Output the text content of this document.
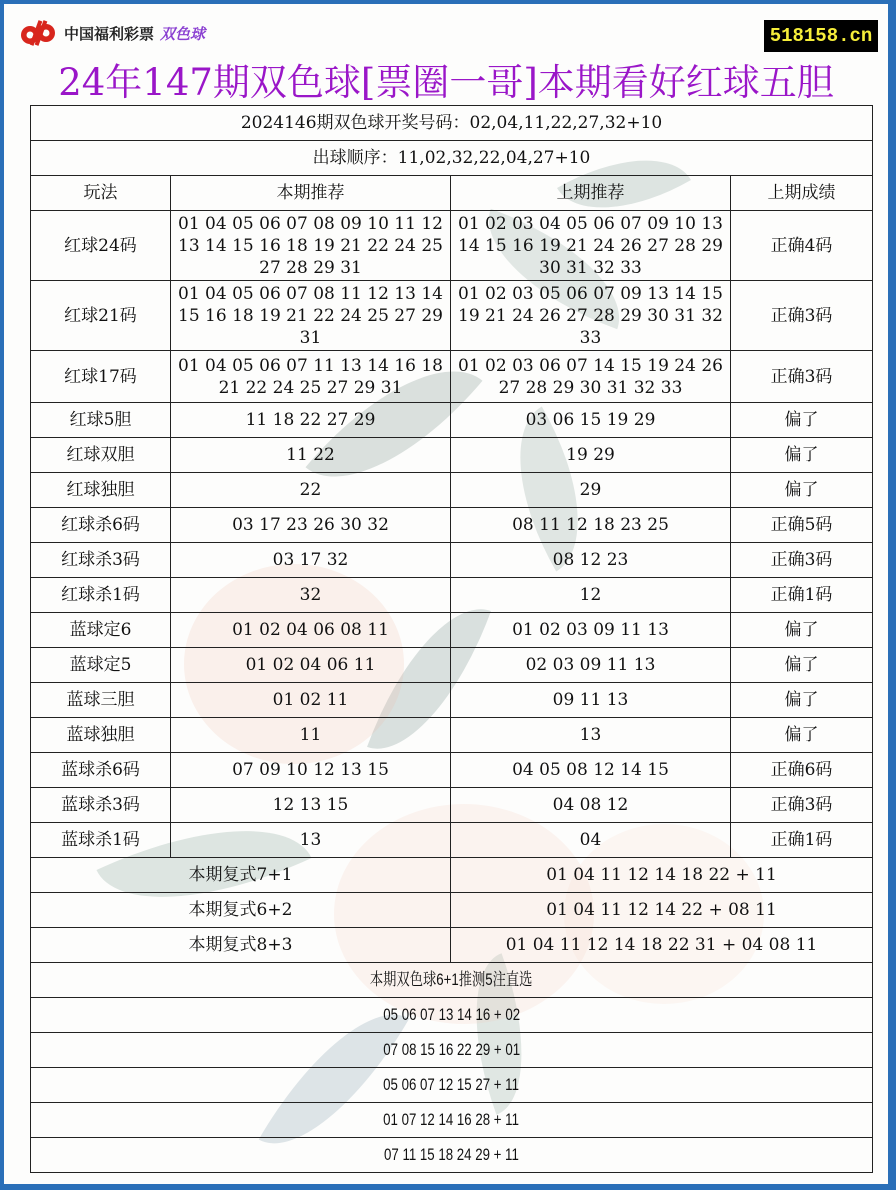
中国福利彩票 双色球	518158.cn
24年147期双色球[票圈一哥]本期看好红球五胆
2024146期双色球开奖号码：02,04,11,22,27,32+10			
出球顺序：11,02,32,22,04,27+10			
玩法	本期推荐	上期推荐	上期成绩
红球24码	01 04 05 06 07 08 09 10 11 12 13 14 15 16 18 19 21 22 24 25 27 28 29 31	01 02 03 04 05 06 07 09 10 13 14 15 16 19 21 24 26 27 28 29 30 31 32 33	正确4码
红球21码	01 04 05 06 07 08 11 12 13 14 15 16 18 19 21 22 24 25 27 29 31	01 02 03 05 06 07 09 13 14 15 19 21 24 26 27 28 29 30 31 32 33	正确3码
红球17码	01 04 05 06 07 11 13 14 16 18 21 22 24 25 27 29 31	01 02 03 06 07 14 15 19 24 26 27 28 29 30 31 32 33	正确3码
红球5胆	11 18 22 27 29	03 06 15 19 29	偏了
红球双胆	11 22	19 29	偏了
红球独胆	22	29	偏了
红球杀6码	03 17 23 26 30 32	08 11 12 18 23 25	正确5码
红球杀3码	03 17 32	08 12 23	正确3码
红球杀1码	32	12	正确1码
蓝球定6	01 02 04 06 08 11	01 02 03 09 11 13	偏了
蓝球定5	01 02 04 06 11	02 03 09 11 13	偏了
蓝球三胆	01 02 11	09 11 13	偏了
蓝球独胆	11	13	偏了
蓝球杀6码	07 09 10 12 13 15	04 05 08 12 14 15	正确6码
蓝球杀3码	12 13 15	04 08 12	正确3码
蓝球杀1码	13	04	正确1码
本期复式7+1		01 04 11 12 14 18 22 + 11	
本期复式6+2		01 04 11 12 14 22 + 08 11	
本期复式8+3		01 04 11 12 14 18 22 31 + 04 08 11	
本期双色球6+1推测5注直选			
05 06 07 13 14 16 + 02			
07 08 15 16 22 29 + 01			
05 06 07 12 15 27 + 11			
01 07 12 14 16 28 + 11			
07 11 15 18 24 29 + 11			
